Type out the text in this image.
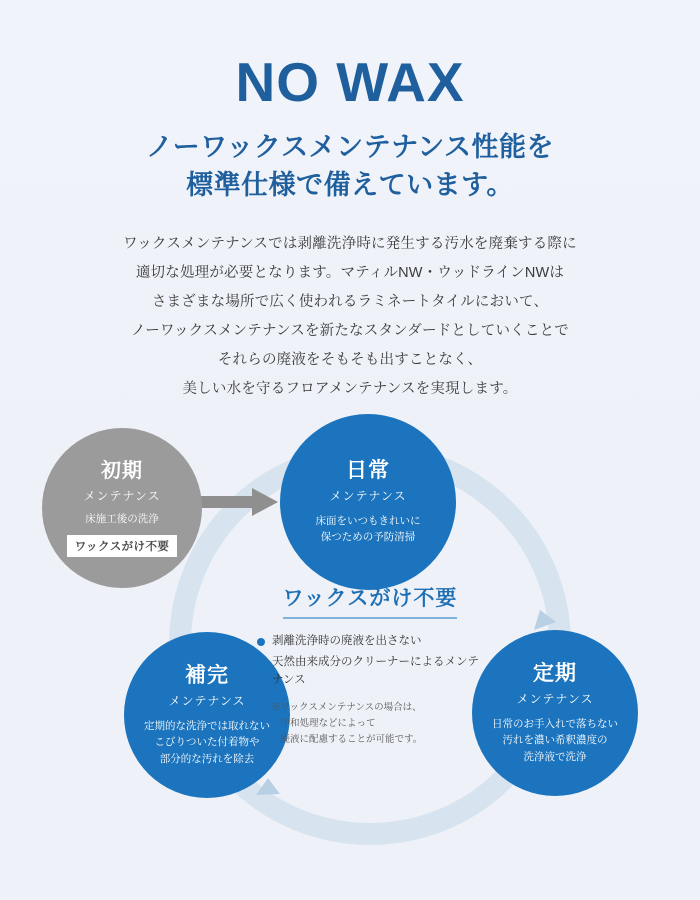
NO WAX
ノーワックスメンテナンス性能を
標準仕様で備えています。
ワックスメンテナンスでは剥離洗浄時に発生する汚水を廃棄する際に
適切な処理が必要となります。マティルNW・ウッドラインNWは
さまざまな場所で広く使われるラミネートタイルにおいて、
ノーワックスメンテナンスを新たなスタンダードとしていくことで
それらの廃液をそもそも出すことなく、
美しい水を守るフロアメンテナンスを実現します。
初期
メンテナンス
床施工後の洗浄
ワックスがけ不要
日常
メンテナンス
床面をいつもきれいに
保つための予防清掃
定期
メンテナンス
日常のお手入れで落ちない
汚れを濃い希釈濃度の
洗浄液で洗浄
補完
メンテナンス
定期的な洗浄では取れない
こびりついた付着物や
部分的な汚れを除去
ワックスがけ不要
剥離洗浄時の廃液を出さない
天然由来成分のクリーナーによるメンテナンス
※ワックスメンテナンスの場合は、
　中和処理などによって
　廃液に配慮することが可能です。
